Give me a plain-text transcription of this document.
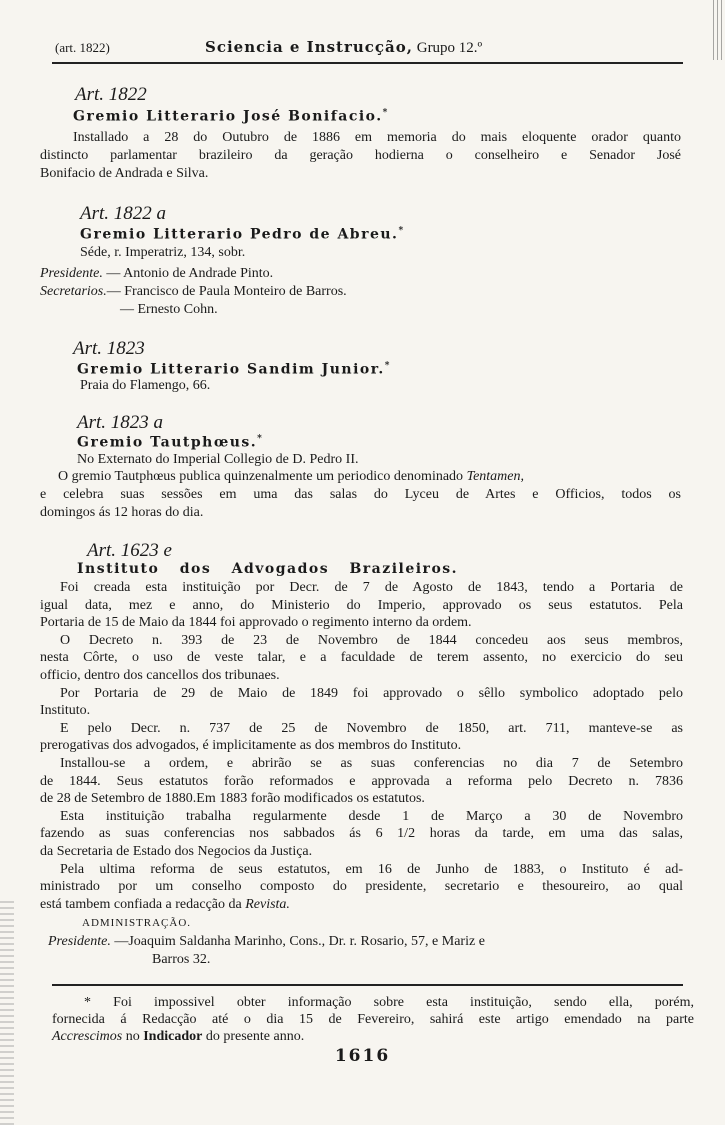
(art. 1822)	Sciencia e Instrucção, Grupo 12.º
Art. 1822
Gremio Litterario José Bonifacio.*
Installado a 28 do Outubro de 1886 em memoria do mais eloquente orador quanto
distincto parlamentar brazileiro da geração hodierna o conselheiro e Senador José
Bonifacio de Andrada e Silva.
Art. 1822 a
Gremio Litterario Pedro de Abreu.*
Séde, r. Imperatriz, 134, sobr.
Presidente. — Antonio de Andrade Pinto.
Secretarios.— Francisco de Paula Monteiro de Barros.
— Ernesto Cohn.
Art. 1823
Gremio Litterario Sandim Junior.*
Praia do Flamengo, 66.
Art. 1823 a
Gremio Tautphœus.*
No Externato do Imperial Collegio de D. Pedro II.
O gremio Tautphœus publica quinzenalmente um periodico denominado Tentamen,
e celebra suas sessões em uma das salas do Lyceu de Artes e Officios, todos os
domingos ás 12 horas do dia.
Art. 1623 e
Instituto dos Advogados Brazileiros.
Foi creada esta instituição por Decr. de 7 de Agosto de 1843, tendo a Portaria de
igual data, mez e anno, do Ministerio do Imperio, approvado os seus estatutos. Pela
Portaria de 15 de Maio da 1844 foi approvado o regimento interno da ordem.
O Decreto n. 393 de 23 de Novembro de 1844 concedeu aos seus membros,
nesta Côrte, o uso de veste talar, e a faculdade de terem assento, no exercicio do seu
officio, dentro dos cancellos dos tribunaes.
Por Portaria de 29 de Maio de 1849 foi approvado o sêllo symbolico adoptado pelo
Instituto.
E pelo Decr. n. 737 de 25 de Novembro de 1850, art. 711, manteve-se as
prerogativas dos advogados, é implicitamente as dos membros do Instituto.
Installou-se a ordem, e abrirão se as suas conferencias no dia 7 de Setembro
de 1844. Seus estatutos forão reformados e approvada a reforma pelo Decreto n. 7836
de 28 de Setembro de 1880.Em 1883 forão modificados os estatutos.
Esta instituição trabalha regularmente desde 1 de Março a 30 de Novembro
fazendo as suas conferencias nos sabbados ás 6 1/2 horas da tarde, em uma das salas,
da Secretaria de Estado dos Negocios da Justiça.
Pela ultima reforma de seus estatutos, em 16 de Junho de 1883, o Instituto é ad-
ministrado por um conselho composto do presidente, secretario e thesoureiro, ao qual
está tambem confiada a redacção da Revista.
ADMINISTRAÇÃO.
Presidente. —Joaquim Saldanha Marinho, Cons., Dr. r. Rosario, 57, e Mariz e
Barros 32.
* Foi impossivel obter informação sobre esta instituição, sendo ella, porém,
fornecida á Redacção até o dia 15 de Fevereiro, sahirá este artigo emendado na parte
Accrescimos no Indicador do presente anno.
1616
